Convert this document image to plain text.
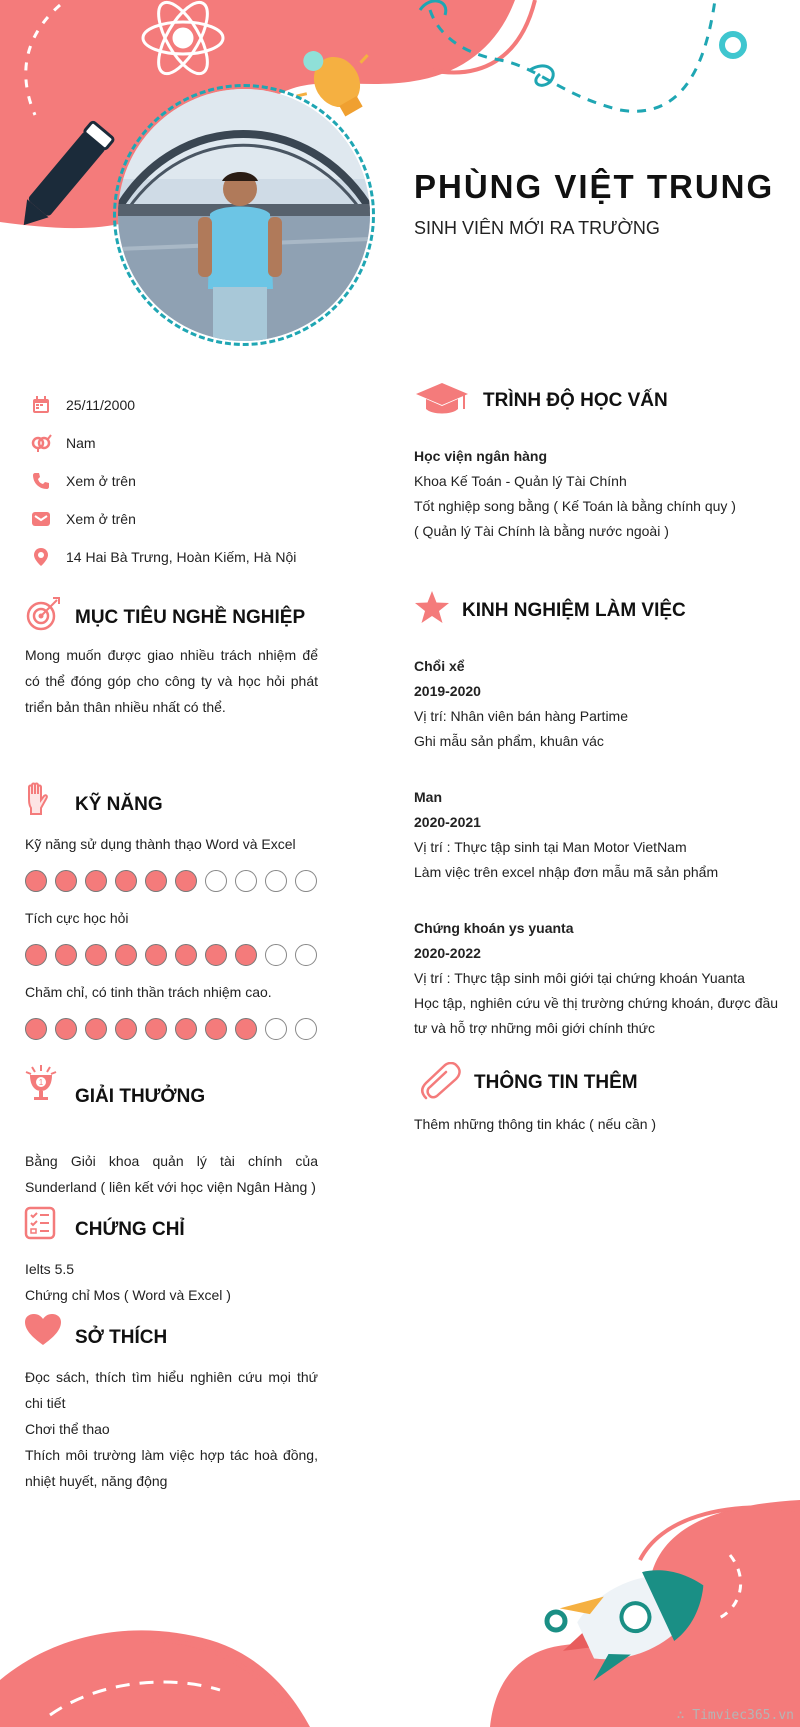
PHÙNG VIỆT TRUNG
SINH VIÊN MỚI RA TRƯỜNG
25/11/2000
Nam
Xem ở trên
Xem ở trên
14 Hai Bà Trưng, Hoàn Kiếm, Hà Nội
MỤC TIÊU NGHỀ NGHIỆP
Mong muốn được giao nhiều trách nhiệm để có thể đóng góp cho công ty và học hỏi phát triển bản thân nhiều nhất có thể.
KỸ NĂNG
Kỹ năng sử dụng thành thạo Word và Excel
Tích cực học hỏi
Chăm chỉ, có tinh thần trách nhiệm cao.
1
GIẢI THƯỞNG
Bằng Giỏi khoa quản lý tài chính của Sunderland ( liên kết với học viện Ngân Hàng )
CHỨNG CHỈ
Ielts 5.5
Chứng chỉ Mos ( Word và Excel )
SỞ THÍCH
Đọc sách, thích tìm hiểu nghiên cứu mọi thứ chi tiết
Chơi thể thao
Thích môi trường làm việc hợp tác hoà đồng, nhiệt huyết, năng động
TRÌNH ĐỘ HỌC VẤN
Học viện ngân hàng
Khoa Kế Toán - Quản lý Tài Chính
Tốt nghiệp song bằng ( Kế Toán là bằng chính quy )
( Quản lý Tài Chính là bằng nước ngoài )
KINH NGHIỆM LÀM VIỆC
Chổi xể
2019-2020
Vị trí: Nhân viên bán hàng Partime
Ghi mẫu sản phẩm, khuân vác
Man
2020-2021
Vị trí : Thực tập sinh tại Man Motor VietNam
Làm việc trên excel nhập đơn mẫu mã sản phẩm
Chứng khoán ys yuanta
2020-2022
Vị trí : Thực tập sinh môi giới tại chứng khoán Yuanta
Học tập, nghiên cứu về thị trường chứng khoán, được đầu tư và hỗ trợ những môi giới chính thức
THÔNG TIN THÊM
Thêm những thông tin khác ( nếu cần )
∴ Timviec365.vn
